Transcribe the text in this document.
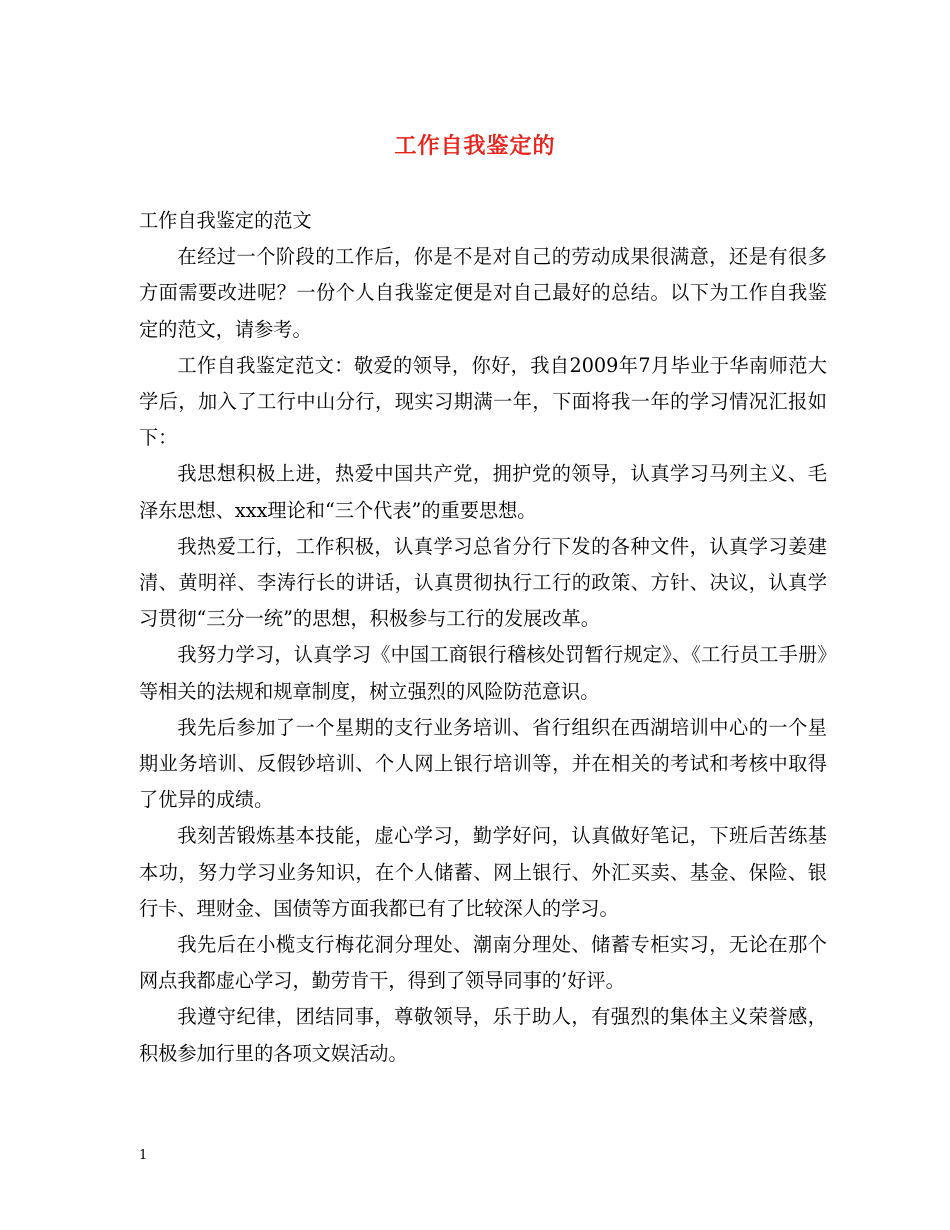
工作自我鉴定的

工作自我鉴定的范文

在经过一个阶段的工作后，你是不是对自己的劳动成果很满意，还是有很多方面需要改进呢？一份个人自我鉴定便是对自己最好的总结。以下为工作自我鉴定的范文，请参考。

工作自我鉴定范文：敬爱的领导，你好，我自2009年7月毕业于华南师范大学后，加入了工行中山分行，现实习期满一年，下面将我一年的学习情况汇报如下：

我思想积极上进，热爱中国共产党，拥护党的领导，认真学习马列主义、毛泽东思想、xxx理论和“三个代表”的重要思想。

我热爱工行，工作积极，认真学习总省分行下发的各种文件，认真学习姜建清、黄明祥、李涛行长的讲话，认真贯彻执行工行的政策、方针、决议，认真学习贯彻“三分一统”的思想，积极参与工行的发展改革。

我努力学习，认真学习《中国工商银行稽核处罚暂行规定》、《工行员工手册》等相关的法规和规章制度，树立强烈的风险防范意识。

我先后参加了一个星期的支行业务培训、省行组织在西湖培训中心的一个星期业务培训、反假钞培训、个人网上银行培训等，并在相关的考试和考核中取得了优异的成绩。

我刻苦锻炼基本技能，虚心学习，勤学好问，认真做好笔记，下班后苦练基本功，努力学习业务知识，在个人储蓄、网上银行、外汇买卖、基金、保险、银行卡、理财金、国债等方面我都已有了比较深人的学习。

我先后在小榄支行梅花洞分理处、潮南分理处、储蓄专柜实习，无论在那个网点我都虚心学习，勤劳肯干，得到了领导同事的’好评。

我遵守纪律，团结同事，尊敬领导，乐于助人，有强烈的集体主义荣誉感，积极参加行里的各项文娱活动。

1
